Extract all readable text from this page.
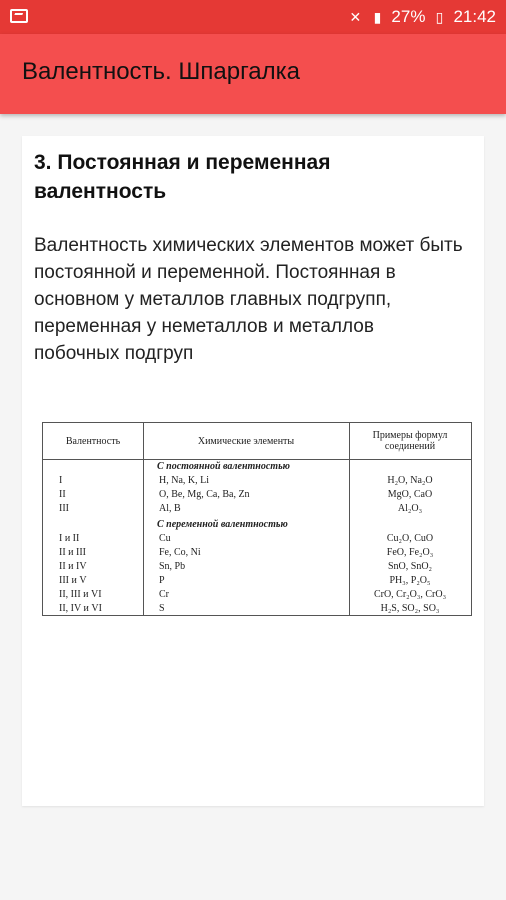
✕ ▮ 27% ▯ 21:42
Валентность. Шпаргалка
3. Постоянная и переменная валентность
Валентность химических элементов может быть постоянной и переменной. Постоянная в основном у металлов главных подгрупп, переменная у неметаллов и металлов побочных подгруп
Валентность
I
II
III
I и II
II и III
II и IV
III и V
II, III и VI
II, IV и VI
Химические элементы
С постоянной валентностью
H, Na, K, Li
O, Be, Mg, Ca, Ba, Zn
Al, B
С переменной валентностью
Cu
Fe, Co, Ni
Sn, Pb
P
Cr
S
Примеры формул соединений
H₂O, Na₂O
MgO, CaO
Al₂O₃
Cu₂O, CuO
FeO, Fe₂O₃
SnO, SnO₂
PH₃, P₂O₅
CrO, Cr₂O₃, CrO₃
H₂S, SO₂, SO₃
